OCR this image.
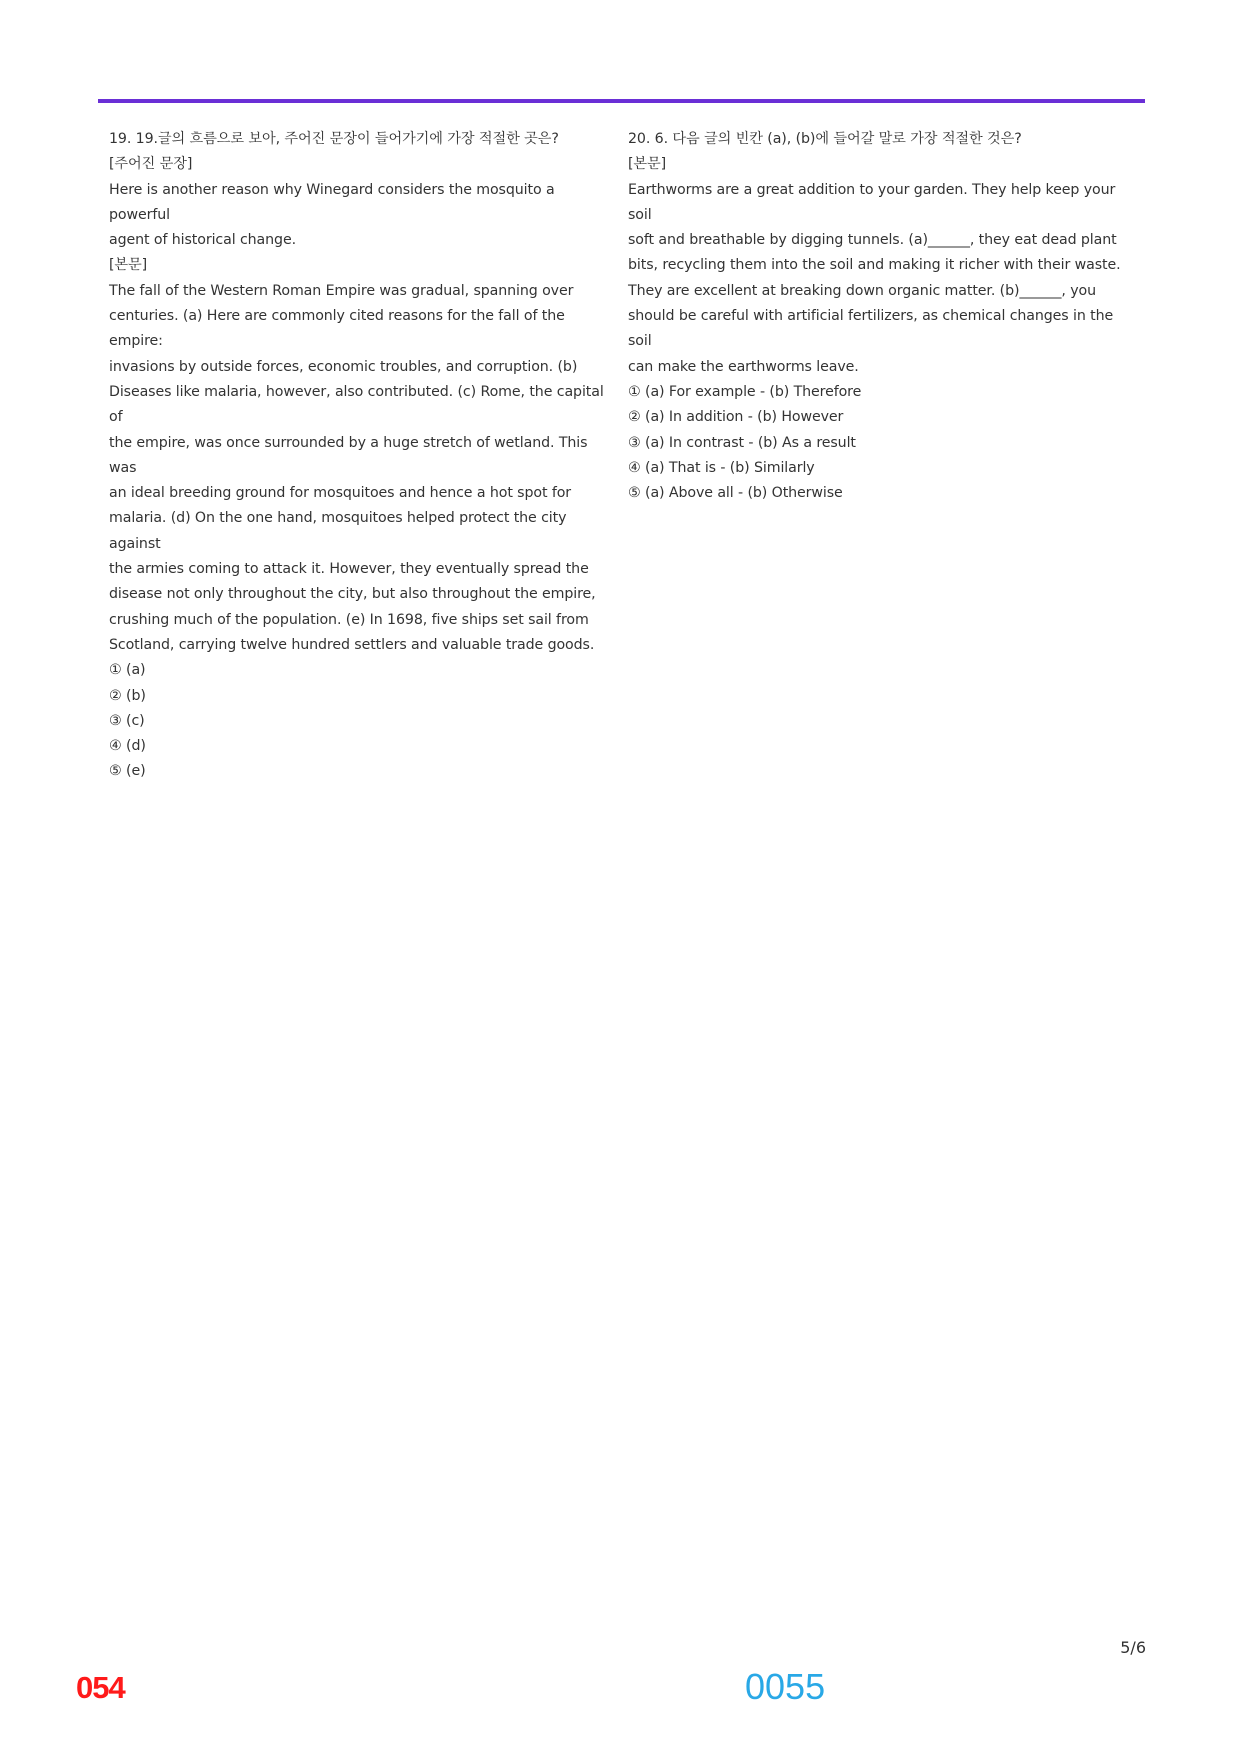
19. 19.글의 흐름으로 보아, 주어진 문장이 들어가기에 가장 적절한 곳은?

[주어진 문장]

Here is another reason why Winegard considers the mosquito a powerful

agent of historical change.

[본문]

The fall of the Western Roman Empire was gradual, spanning over

centuries. (a) Here are commonly cited reasons for the fall of the empire:

invasions by outside forces, economic troubles, and corruption. (b)

Diseases like malaria, however, also contributed. (c) Rome, the capital of

the empire, was once surrounded by a huge stretch of wetland. This was

an ideal breeding ground for mosquitoes and hence a hot spot for

malaria. (d) On the one hand, mosquitoes helped protect the city against

the armies coming to attack it. However, they eventually spread the

disease not only throughout the city, but also throughout the empire,

crushing much of the population. (e) In 1698, five ships set sail from

Scotland, carrying twelve hundred settlers and valuable trade goods.

① (a)

② (b)

③ (c)

④ (d)

⑤ (e)

20. 6. 다음 글의 빈칸 (a), (b)에 들어갈 말로 가장 적절한 것은?

[본문]

Earthworms are a great addition to your garden. They help keep your soil

soft and breathable by digging tunnels. (a)______, they eat dead plant

bits, recycling them into the soil and making it richer with their waste.

They are excellent at breaking down organic matter. (b)______, you

should be careful with artificial fertilizers, as chemical changes in the soil

can make the earthworms leave.

① (a) For example - (b) Therefore

② (a) In addition - (b) However

③ (a) In contrast - (b) As a result

④ (a) That is - (b) Similarly

⑤ (a) Above all - (b) Otherwise

5/6
054	0055
